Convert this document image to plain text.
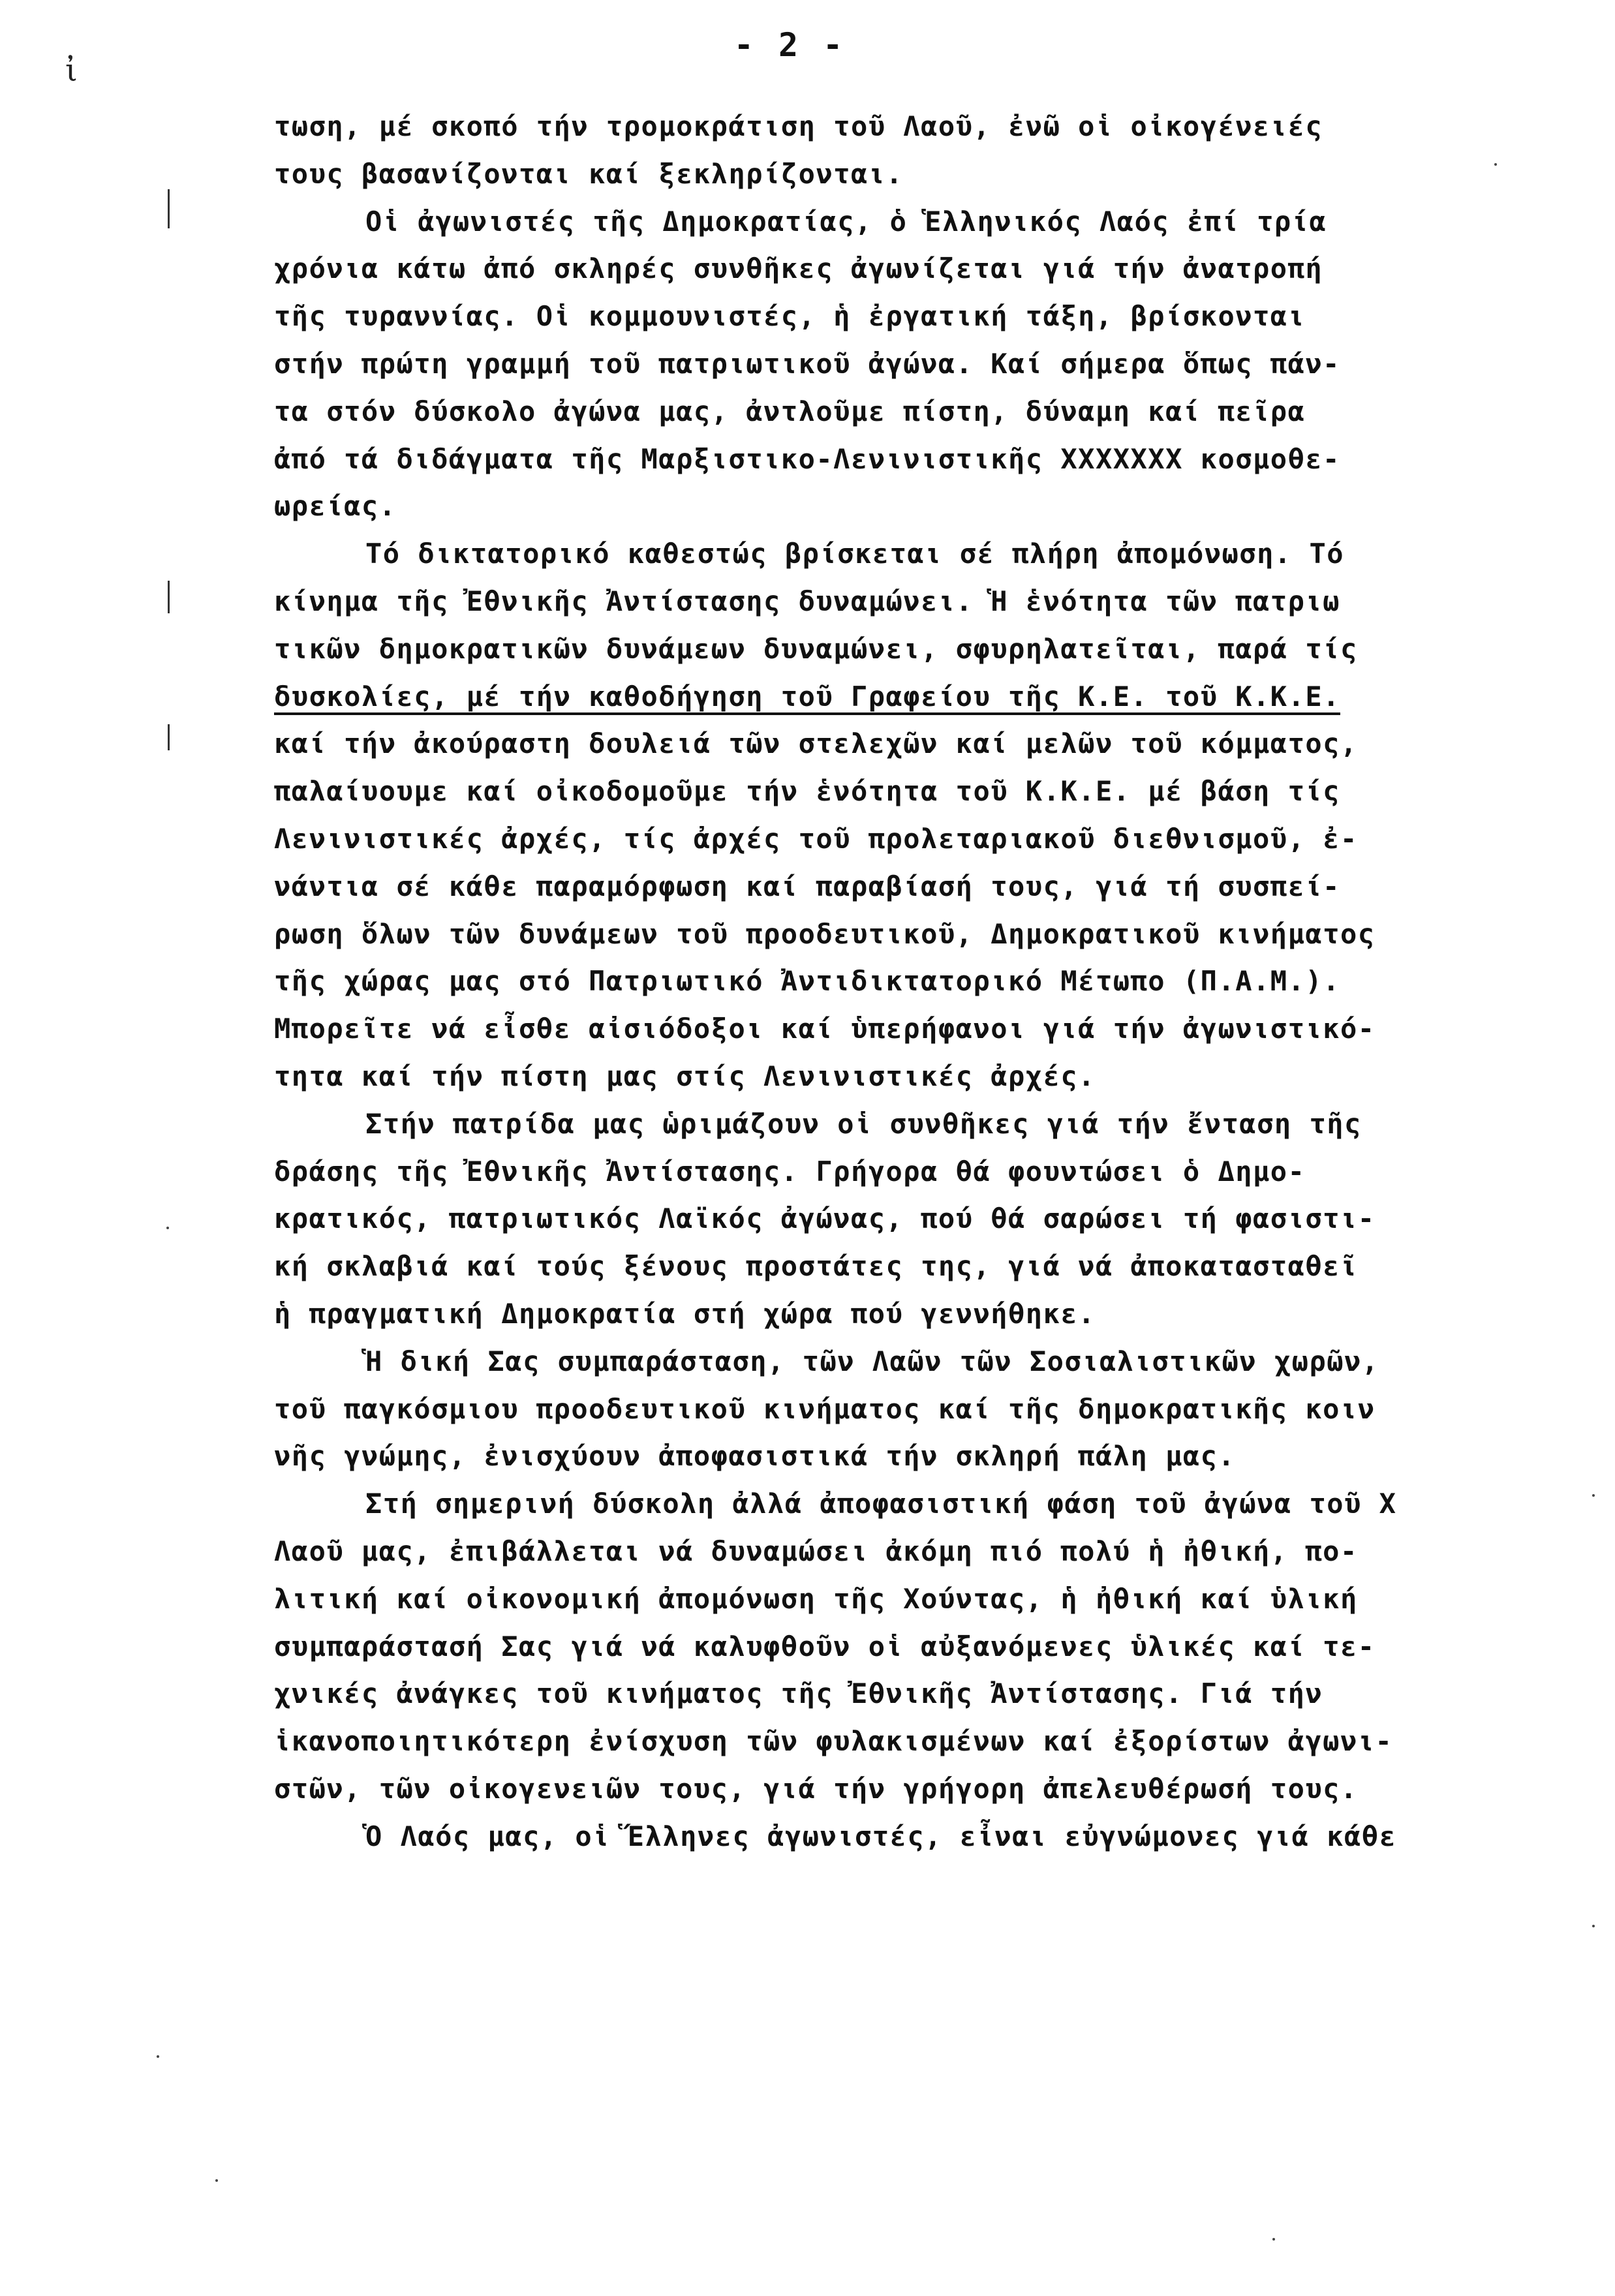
- 2 -
ἰ
τωση, μέ σκοπό τήν τρομοκράτιση τοῦ Λαοῦ, ἐνῶ οἱ οἰκογένειές
τους βασανίζονται καί ξεκληρίζονται.
Οἱ ἀγωνιστές τῆς Δημοκρατίας, ὁ Ἑλληνικός Λαός ἐπί τρία
χρόνια κάτω ἀπό σκληρές συνθῆκες ἀγωνίζεται γιά τήν ἀνατροπή
τῆς τυραννίας. Οἱ κομμουνιστές, ἡ ἐργατική τάξη, βρίσκονται
στήν πρώτη γραμμή τοῦ πατριωτικοῦ ἀγώνα. Καί σήμερα ὅπως πάν-
τα στόν δύσκολο ἀγώνα μας, ἀντλοῦμε πίστη, δύναμη καί πεῖρα
ἀπό τά διδάγματα τῆς Μαρξιστικο-Λενινιστικῆς ΧΧΧΧΧΧΧ κοσμοθε-
ωρείας.
Τό δικτατορικό καθεστώς βρίσκεται σέ πλήρη ἀπομόνωση. Τό
κίνημα τῆς Ἐθνικῆς Ἀντίστασης δυναμώνει. Ἡ ἑνότητα τῶν πατριω
τικῶν δημοκρατικῶν δυνάμεων δυναμώνει, σφυρηλατεῖται, παρά τίς
δυσκολίες, μέ τήν καθοδήγηση τοῦ Γραφείου τῆς Κ.Ε. τοῦ Κ.Κ.Ε.
καί τήν ἀκούραστη δουλειά τῶν στελεχῶν καί μελῶν τοῦ κόμματος,
παλαίυουμε καί οἰκοδομοῦμε τήν ἑνότητα τοῦ Κ.Κ.Ε. μέ βάση τίς
Λενινιστικές ἀρχές, τίς ἀρχές τοῦ προλεταριακοῦ διεθνισμοῦ, ἐ-
νάντια σέ κάθε παραμόρφωση καί παραβίασή τους, γιά τή συσπεί-
ρωση ὅλων τῶν δυνάμεων τοῦ προοδευτικοῦ, Δημοκρατικοῦ κινήματος
τῆς χώρας μας στό Πατριωτικό Ἀντιδικτατορικό Μέτωπο (Π.Α.Μ.).
Μπορεῖτε νά εἶσθε αἰσιόδοξοι καί ὑπερήφανοι γιά τήν ἀγωνιστικό-
τητα καί τήν πίστη μας στίς Λενινιστικές ἀρχές.
Στήν πατρίδα μας ὡριμάζουν οἱ συνθῆκες γιά τήν ἔνταση τῆς
δράσης τῆς Ἐθνικῆς Ἀντίστασης. Γρήγορα θά φουντώσει ὁ Δημο-
κρατικός, πατριωτικός Λαϊκός ἀγώνας, πού θά σαρώσει τή φασιστι-
κή σκλαβιά καί τούς ξένους προστάτες της, γιά νά ἀποκατασταθεῖ
ἡ πραγματική Δημοκρατία στή χώρα πού γεννήθηκε.
Ἡ δική Σας συμπαράσταση, τῶν Λαῶν τῶν Σοσιαλιστικῶν χωρῶν,
τοῦ παγκόσμιου προοδευτικοῦ κινήματος καί τῆς δημοκρατικῆς κοιν
νῆς γνώμης, ἐνισχύουν ἀποφασιστικά τήν σκληρή πάλη μας.
Στή σημερινή δύσκολη ἀλλά ἀποφασιστική φάση τοῦ ἀγώνα τοῦ Χ
Λαοῦ μας, ἐπιβάλλεται νά δυναμώσει ἀκόμη πιό πολύ ἡ ἠθική, πο-
λιτική καί οἰκονομική ἀπομόνωση τῆς Χούντας, ἡ ἠθική καί ὑλική
συμπαράστασή Σας γιά νά καλυφθοῦν οἱ αὐξανόμενες ὑλικές καί τε-
χνικές ἀνάγκες τοῦ κινήματος τῆς Ἐθνικῆς Ἀντίστασης. Γιά τήν
ἱκανοποιητικότερη ἐνίσχυση τῶν φυλακισμένων καί ἐξορίστων ἀγωνι-
στῶν, τῶν οἰκογενειῶν τους, γιά τήν γρήγορη ἀπελευθέρωσή τους.
Ὁ Λαός μας, οἱ Ἕλληνες ἀγωνιστές, εἶναι εὐγνώμονες γιά κάθε
